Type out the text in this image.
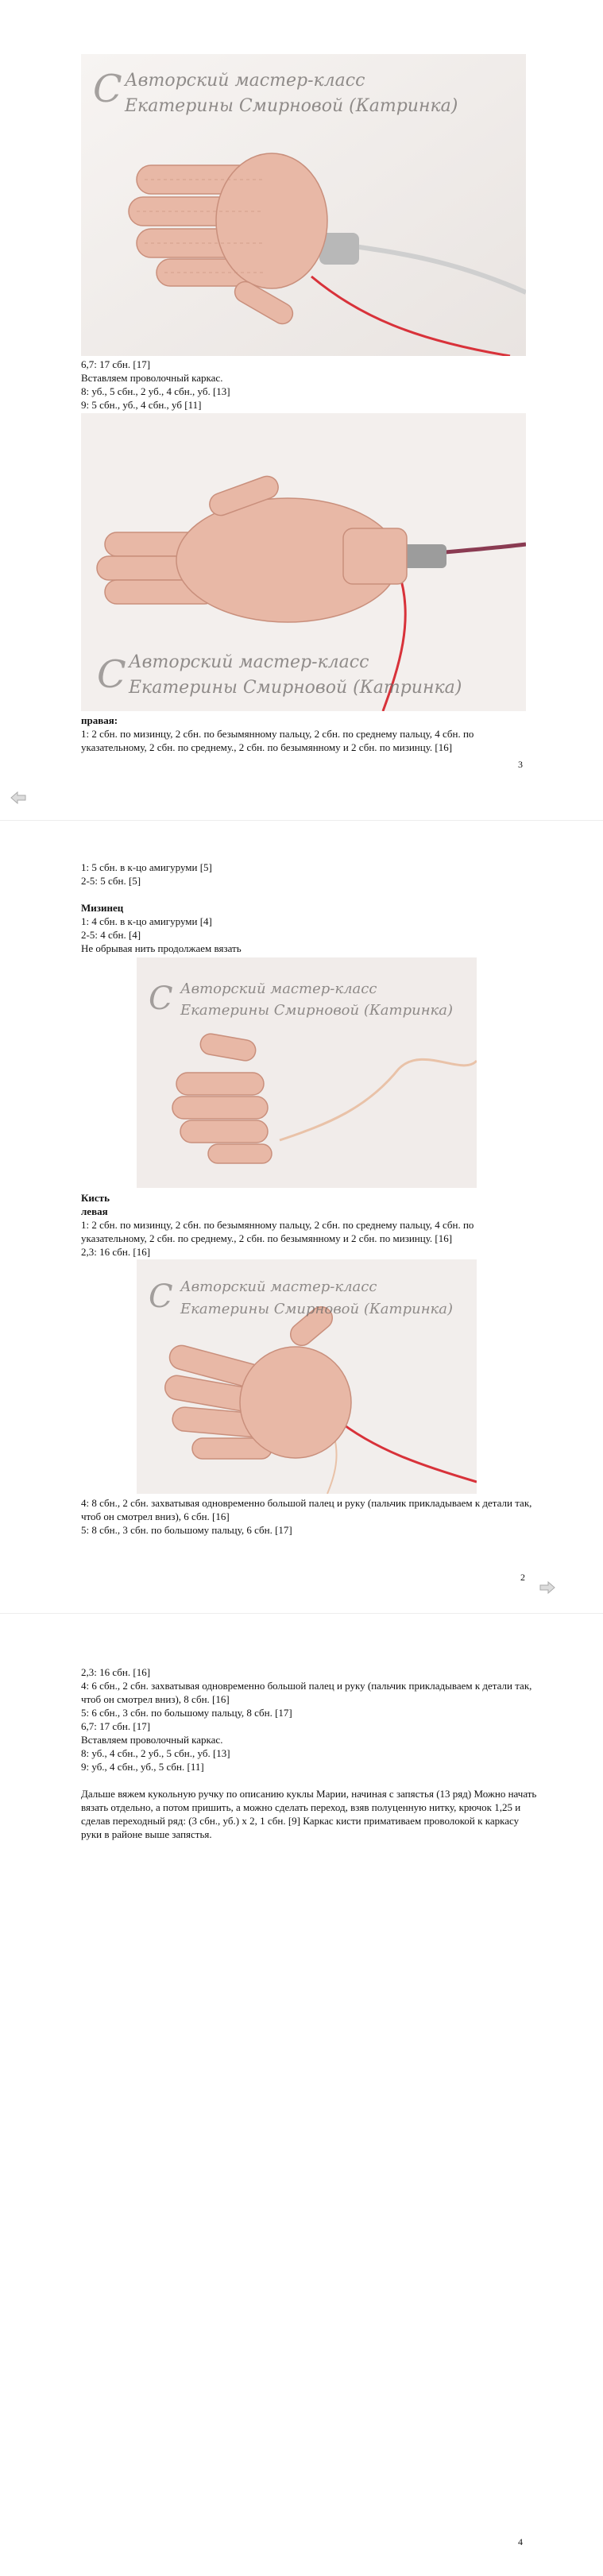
Авторский мастер-класс
Екатерины Смирновой (Катринка)
C
6,7: 17 сбн. [17]
Вставляем проволочный каркас.
8: уб., 5 сбн., 2 уб., 4 сбн., уб. [13]
9: 5 сбн., уб., 4 сбн., уб [11]
Авторский мастер-класс
Екатерины Смирновой (Катринка)
C
правая:
1: 2 сбн. по мизинцу, 2 сбн. по безымянному пальцу, 2 сбн. по среднему пальцу, 4 сбн. по указательному, 2 сбн. по среднему., 2 сбн. по безымянному и 2 сбн. по мизинцу. [16]
3
1: 5 сбн. в к-цо амигуруми [5]
2-5: 5 сбн. [5]
Мизинец
1: 4 сбн. в к-цо амигуруми [4]
2-5: 4 сбн. [4]
Не обрывая нить продолжаем вязать
Авторский мастер-класс
Екатерины Смирновой (Катринка)
C
Кисть
левая
1: 2 сбн. по мизинцу, 2 сбн. по безымянному пальцу, 2 сбн. по среднему пальцу, 4 сбн. по указательному, 2 сбн. по среднему., 2 сбн. по безымянному и 2 сбн. по мизинцу. [16]
2,3: 16 сбн. [16]
Авторский мастер-класс
Екатерины Смирновой (Катринка)
C
4: 8 сбн., 2 сбн. захватывая одновременно большой палец и руку (пальчик прикладываем к детали так, чтоб он смотрел вниз), 6 сбн. [16]
5: 8 сбн., 3 сбн. по большому пальцу, 6 сбн. [17]
2
2,3: 16 сбн. [16]
4: 6 сбн., 2 сбн. захватывая одновременно большой палец и руку (пальчик прикладываем к детали так, чтоб он смотрел вниз), 8 сбн. [16]
5: 6 сбн., 3 сбн. по большому пальцу, 8 сбн. [17]
6,7: 17 сбн. [17]
Вставляем проволочный каркас.
8: уб., 4 сбн., 2 уб., 5 сбн., уб. [13]
9: уб., 4 сбн., уб., 5 сбн. [11]
Дальше вяжем кукольную ручку по описанию куклы Марии, начиная с запястья (13 ряд) Можно начать вязать отдельно, а потом пришить, а можно сделать переход, взяв полуценную нитку, крючок 1,25 и сделав переходный ряд: (3 сбн., уб.) х 2, 1 сбн. [9] Каркас кисти примативаем проволокой к каркасу руки в районе выше запястья.
4
